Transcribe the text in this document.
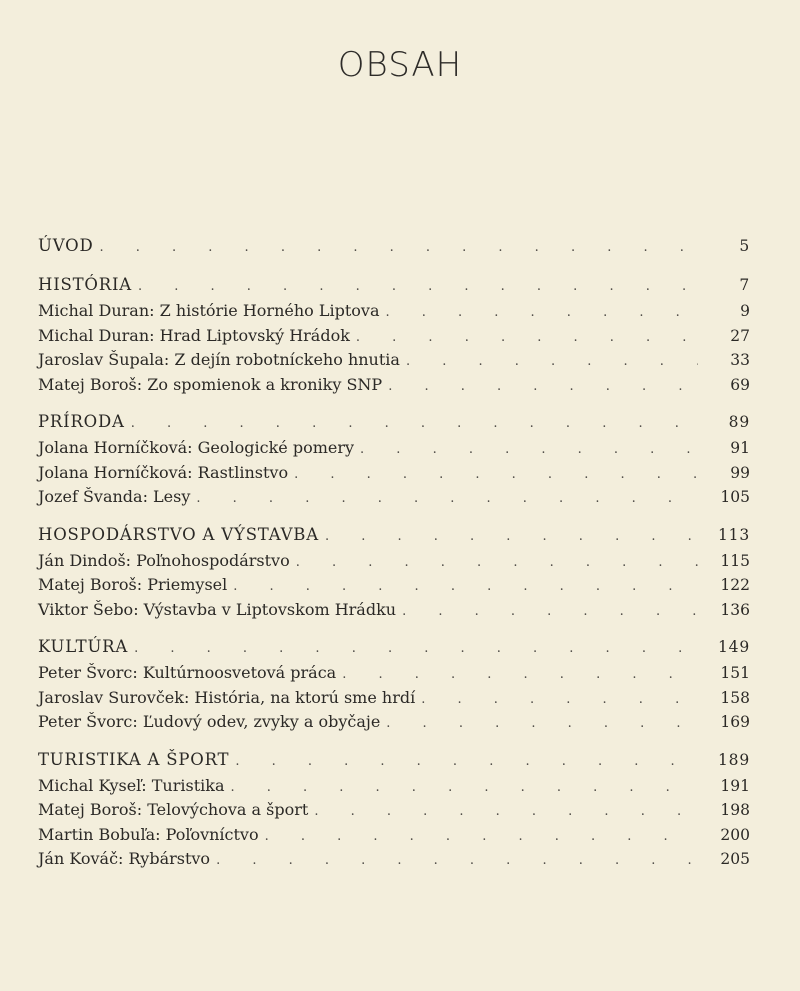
OBSAH
ÚVOD . . .	5
HISTÓRIA . . .	7
Michal Duran: Z histórie Horného Liptova . . .	9
Michal Duran: Hrad Liptovský Hrádok . . .	27
Jaroslav Šupala: Z dejín robotníckeho hnutia . . .	33
Matej Boroš: Zo spomienok a kroniky SNP . . .	69
PRÍRODA . . .	89
Jolana Horníčková: Geologické pomery . . .	91
Jolana Horníčková: Rastlinstvo . . .	99
Jozef Švanda: Lesy . . .	105
HOSPODÁRSTVO A VÝSTAVBA . . .	113
Ján Dindoš: Poľnohospodárstvo . . .	115
Matej Boroš: Priemysel . . .	122
Viktor Šebo: Výstavba v Liptovskom Hrádku . . .	136
KULTÚRA . . .	149
Peter Švorc: Kultúrnoosvetová práca . . .	151
Jaroslav Surovček: História, na ktorú sme hrdí . . .	158
Peter Švorc: Ľudový odev, zvyky a obyčaje . . .	169
TURISTIKA A ŠPORT . . .	189
Michal Kyseľ: Turistika . . .	191
Matej Boroš: Telovýchova a šport . . .	198
Martin Bobuľa: Poľovníctvo . . .	200
Ján Kováč: Rybárstvo . . .	205
